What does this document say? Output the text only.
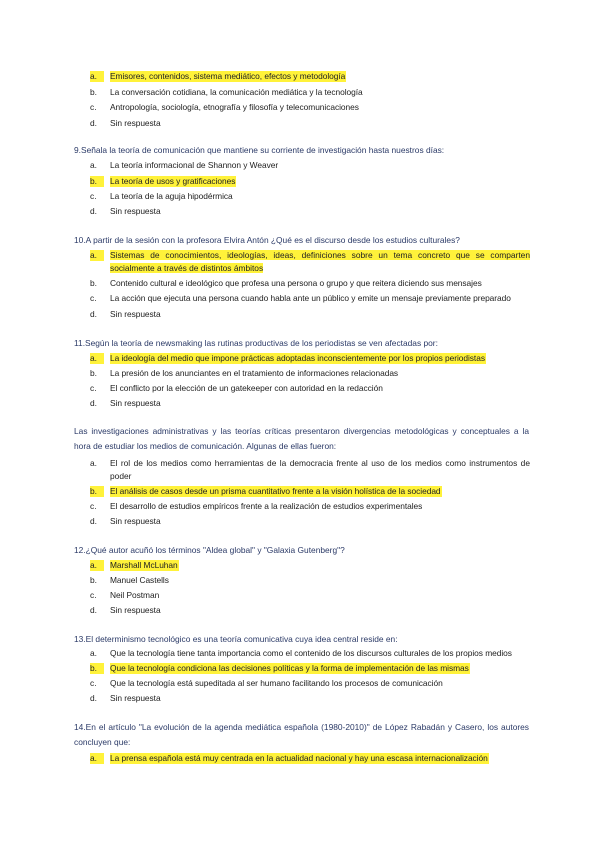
a.	Emisores, contenidos, sistema mediático, efectos y metodología
b.	La conversación cotidiana, la comunicación mediática y la tecnología
c.	Antropología, sociología, etnografía y filosofía y telecomunicaciones
d.	Sin respuesta
9.Señala la teoría de comunicación que mantiene su corriente de investigación hasta nuestros días:
a.	La teoría informacional de Shannon y Weaver
b.	La teoría de usos y gratificaciones
c.	La teoría de la aguja hipodérmica
d.	Sin respuesta
10.A partir de la sesión con la profesora Elvira Antón ¿Qué es el discurso desde los estudios culturales?
a.	Sistemas de conocimientos, ideologías, ideas, definiciones sobre un tema concreto que se comparten
socialmente a través de distintos ámbitos
b.	Contenido cultural e ideológico que profesa una persona o grupo y que reitera diciendo sus mensajes
c.	La acción que ejecuta una persona cuando habla ante un público y emite un mensaje previamente preparado
d.	Sin respuesta
11.Según la teoría de newsmaking las rutinas productivas de los periodistas se ven afectadas por:
a.	La ideología del medio que impone prácticas adoptadas inconscientemente por los propios periodistas
b.	La presión de los anunciantes en el tratamiento de informaciones relacionadas
c.	El conflicto por la elección de un gatekeeper con autoridad en la redacción
d.	Sin respuesta
Las investigaciones administrativas y las teorías críticas presentaron divergencias metodológicas y conceptuales a la
hora de estudiar los medios de comunicación. Algunas de ellas fueron:
a.	El rol de los medios como herramientas de la democracia frente al uso de los medios como instrumentos de
poder
b.	El análisis de casos desde un prisma cuantitativo frente a la visión holística de la sociedad
c.	El desarrollo de estudios empíricos frente a la realización de estudios experimentales
d.	Sin respuesta
12.¿Qué autor acuñó los términos "Aldea global" y "Galaxia Gutenberg"?
a.	Marshall McLuhan
b.	Manuel Castells
c.	Neil Postman
d.	Sin respuesta
13.El determinismo tecnológico es una teoría comunicativa cuya idea central reside en:
a.	Que la tecnología tiene tanta importancia como el contenido de los discursos culturales de los propios medios
b.	Que la tecnología condiciona las decisiones políticas y la forma de implementación de las mismas
c.	Que la tecnología está supeditada al ser humano facilitando los procesos de comunicación
d.	Sin respuesta
14.En el artículo "La evolución de la agenda mediática española (1980-2010)" de López Rabadán y Casero, los autores
concluyen que:
a.	La prensa española está muy centrada en la actualidad nacional y hay una escasa internacionalización
